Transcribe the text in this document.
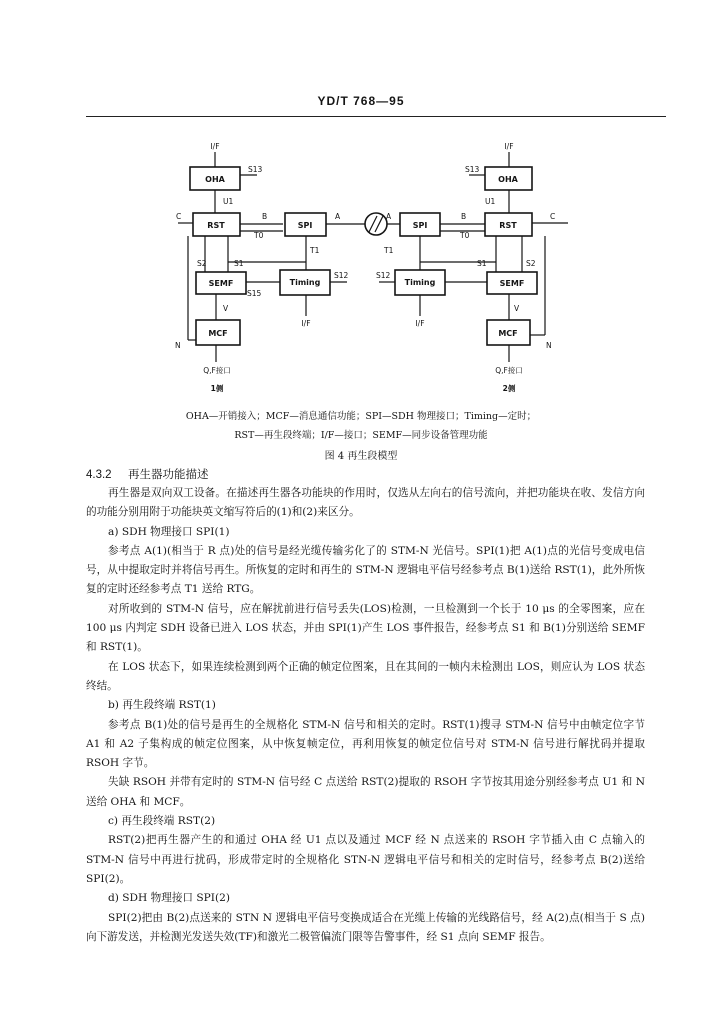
YD/T 768—95
I/F
OHA
S13
U1
C
RST
B
T0
SPI
A
T1
S2	S1
SEMF
S15
Timing
S12
I/F
V
MCF
N
Q,F接口
1侧
I/F
OHA
S13
U1
C
RST
B
T0
SPI
A
T1
S1	S2
SEMF
Timing
S12
I/F
V
MCF
N
Q,F接口
2侧
OHA—开销接入；MCF—消息通信功能；SPI—SDH 物理接口；Timing—定时；
RST—再生段终端；I/F—接口；SEMF—同步设备管理功能
图 4 再生段模型
4.3.2 再生器功能描述

再生器是双向双工设备。在描述再生器各功能块的作用时，仅选从左向右的信号流向，并把功能块在收、发信方向的功能分别用附于功能块英文缩写符后的(1)和(2)来区分。

a) SDH 物理接口 SPI(1)

参考点 A(1)(相当于 R 点)处的信号是经光缆传输劣化了的 STM-N 光信号。SPI(1)把 A(1)点的光信号变成电信号，从中提取定时并将信号再生。所恢复的定时和再生的 STM-N 逻辑电平信号经参考点 B(1)送给 RST(1)，此外所恢复的定时还经参考点 T1 送给 RTG。

对所收到的 STM-N 信号，应在解扰前进行信号丢失(LOS)检测，一旦检测到一个长于 10 μs 的全零图案，应在 100 μs 内判定 SDH 设备已进入 LOS 状态，并由 SPI(1)产生 LOS 事件报告，经参考点 S1 和 B(1)分别送给 SEMF 和 RST(1)。

在 LOS 状态下，如果连续检测到两个正确的帧定位图案，且在其间的一帧内未检测出 LOS，则应认为 LOS 状态终结。

b) 再生段终端 RST(1)

参考点 B(1)处的信号是再生的全规格化 STM-N 信号和相关的定时。RST(1)搜寻 STM-N 信号中由帧定位字节 A1 和 A2 子集构成的帧定位图案，从中恢复帧定位，再利用恢复的帧定位信号对 STM-N 信号进行解扰码并提取 RSOH 字节。

失缺 RSOH 并带有定时的 STM-N 信号经 C 点送给 RST(2)提取的 RSOH 字节按其用途分别经参考点 U1 和 N 送给 OHA 和 MCF。

c) 再生段终端 RST(2)

RST(2)把再生器产生的和通过 OHA 经 U1 点以及通过 MCF 经 N 点送来的 RSOH 字节插入由 C 点输入的 STM-N 信号中再进行扰码，形成带定时的全规格化 STN-N 逻辑电平信号和相关的定时信号，经参考点 B(2)送给 SPI(2)。

d) SDH 物理接口 SPI(2)

SPI(2)把由 B(2)点送来的 STN N 逻辑电平信号变换成适合在光缆上传输的光线路信号，经 A(2)点(相当于 S 点)向下游发送，并检测光发送失效(TF)和激光二极管偏流门限等告警事件，经 S1 点向 SEMF 报告。
